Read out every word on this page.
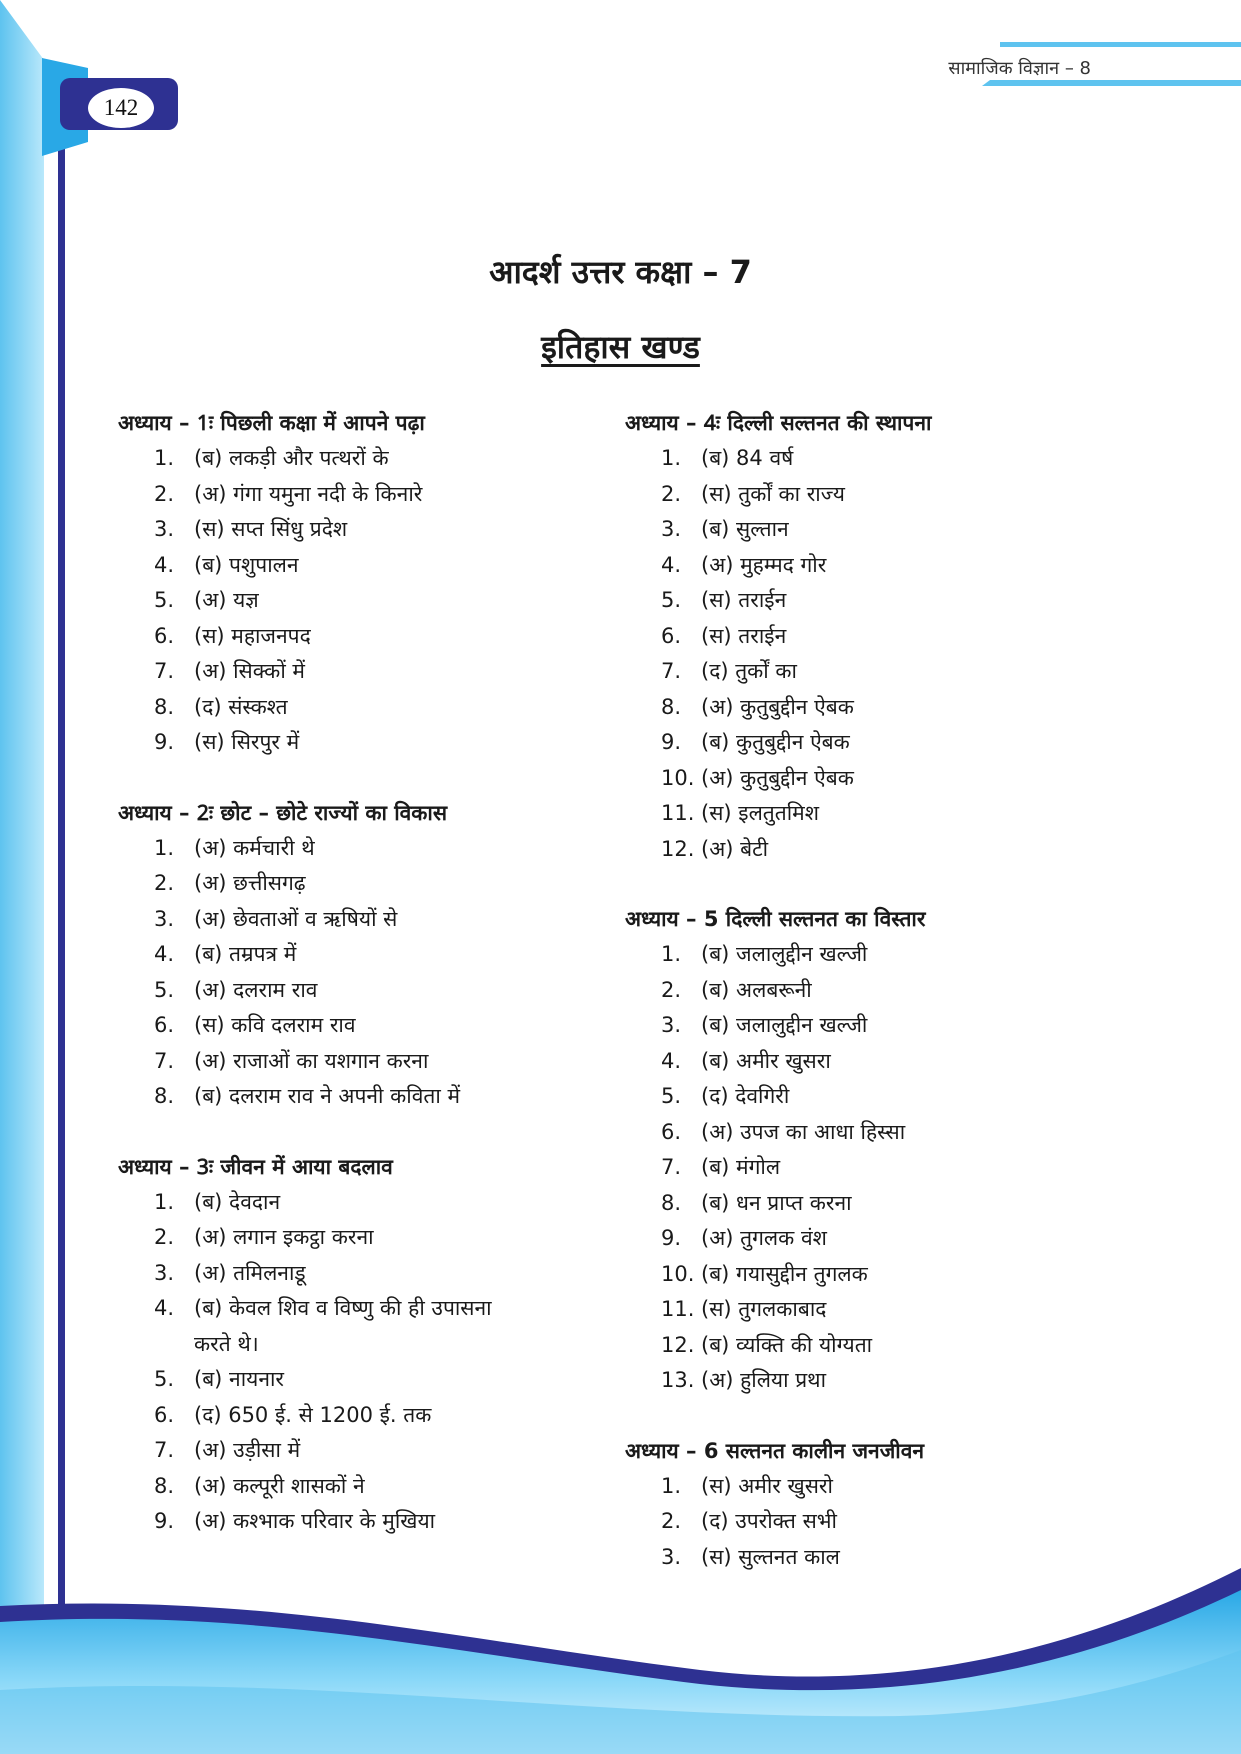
142
सामाजिक विज्ञान – 8
आदर्श उत्तर कक्षा – 7
इतिहास खण्ड
अध्याय – 1ः पिछली कक्षा में आपने पढ़ा
1. (ब) लकड़ी और पत्थरों के
2. (अ) गंगा यमुना नदी के किनारे
3. (स) सप्त सिंधु प्रदेश
4. (ब) पशुपालन
5. (अ) यज्ञ
6. (स) महाजनपद
7. (अ) सिक्कों में
8. (द) संस्कश्त
9. (स) सिरपुर में
अध्याय – 2ः छोट – छोटे राज्यों का विकास
1. (अ) कर्मचारी थे
2. (अ) छत्तीसगढ़
3. (अ) छेवताओं व ऋषियों से
4. (ब) तम्रपत्र में
5. (अ) दलराम राव
6. (स) कवि दलराम राव
7. (अ) राजाओं का यशगान करना
8. (ब) दलराम राव ने अपनी कविता में
अध्याय – 3ः जीवन में आया बदलाव
1. (ब) देवदान
2. (अ) लगान इकट्ठा करना
3. (अ) तमिलनाडू
4. (ब) केवल शिव व विष्णु की ही उपासना
करते थे।
5. (ब) नायनार
6. (द) 650 ई. से 1200 ई. तक
7. (अ) उड़ीसा में
8. (अ) कल्पूरी शासकों ने
9. (अ) कश्भाक परिवार के मुखिया
अध्याय – 4ः दिल्ली सल्तनत की स्थापना
1. (ब) 84 वर्ष
2. (स) तुर्कों का राज्य
3. (ब) सुल्तान
4. (अ) मुहम्मद गोर
5. (स) तराईन
6. (स) तराईन
7. (द) तुर्कों का
8. (अ) कुतुबुद्दीन ऐबक
9. (ब) कुतुबुद्दीन ऐबक
10. (अ) कुतुबुद्दीन ऐबक
11. (स) इलतुतमिश
12. (अ) बेटी
अध्याय – 5 दिल्ली सल्तनत का विस्तार
1. (ब) जलालुद्दीन खल्जी
2. (ब) अलबरूनी
3. (ब) जलालुद्दीन खल्जी
4. (ब) अमीर खुसरा
5. (द) देवगिरी
6. (अ) उपज का आधा हिस्सा
7. (ब) मंगोल
8. (ब) धन प्राप्त करना
9. (अ) तुगलक वंश
10. (ब) गयासुद्दीन तुगलक
11. (स) तुगलकाबाद
12. (ब) व्यक्ति की योग्यता
13. (अ) हुलिया प्रथा
अध्याय – 6 सल्तनत कालीन जनजीवन
1. (स) अमीर खुसरो
2. (द) उपरोक्त सभी
3. (स) सुल्तनत काल
